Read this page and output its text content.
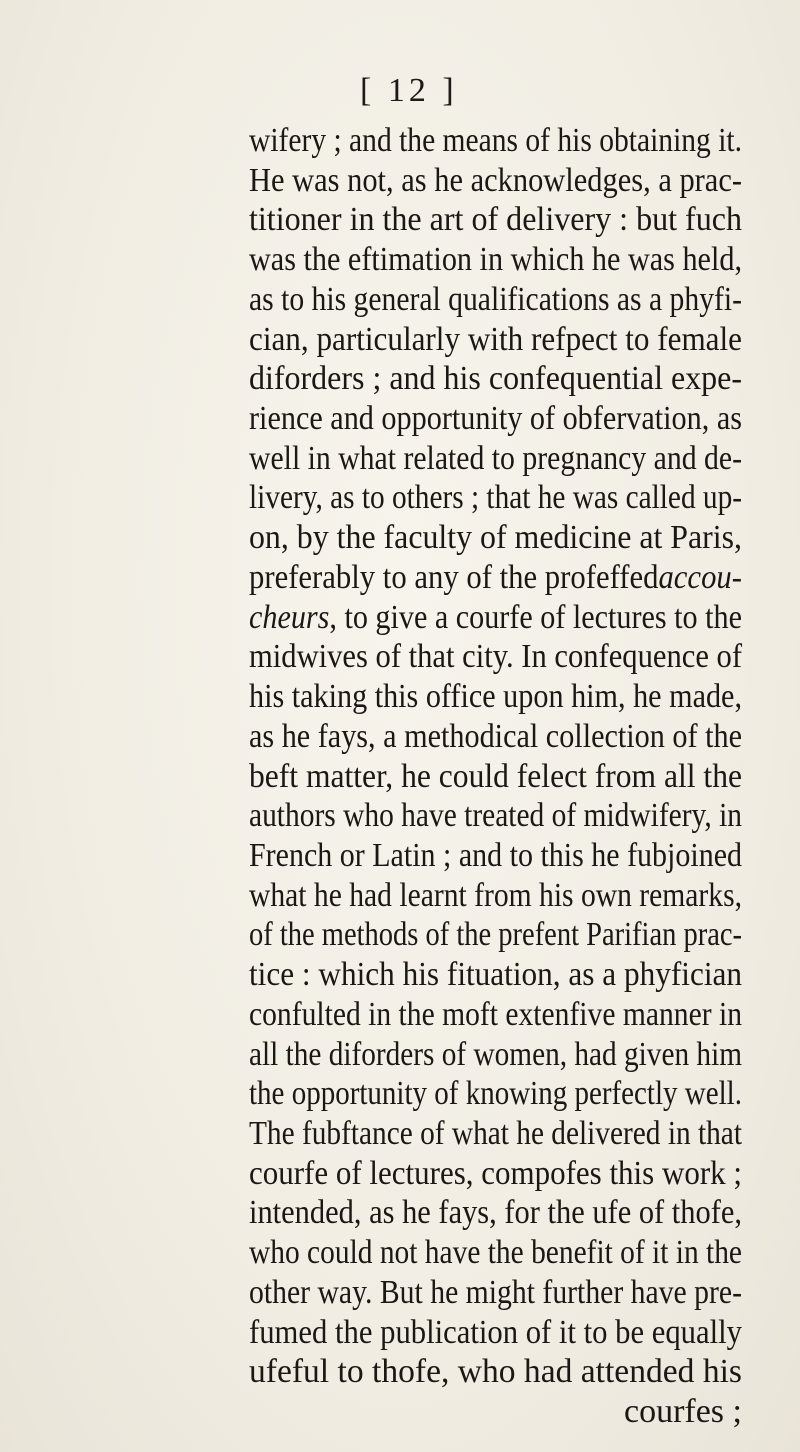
[ 12 ]
wifery ; and the means of his obtaining it.
He was not, as he acknowledges, a prac-
titioner in the art of delivery : but fuch
was the eftimation in which he was held,
as to his general qualifications as a phyfi-
cian, particularly with refpect to female
diforders ; and his confequential expe-
rience and opportunity of obfervation, as
well in what related to pregnancy and de-
livery, as to others ; that he was called up-
on, by the faculty of medicine at Paris,
preferably to any of the profeffedaccou-
cheurs, to give a courfe of lectures to the
midwives of that city. In confequence of
his taking this office upon him, he made,
as he fays, a methodical collection of the
beft matter, he could felect from all the
authors who have treated of midwifery, in
French or Latin ; and to this he fubjoined
what he had learnt from his own remarks,
of the methods of the prefent Parifian prac-
tice : which his fituation, as a phyfician
confulted in the moft extenfive manner in
all the diforders of women, had given him
the opportunity of knowing perfectly well.
The fubftance of what he delivered in that
courfe of lectures, compofes this work ;
intended, as he fays, for the ufe of thofe,
who could not have the benefit of it in the
other way. But he might further have pre-
fumed the publication of it to be equally
ufeful to thofe, who had attended his
courfes ;
